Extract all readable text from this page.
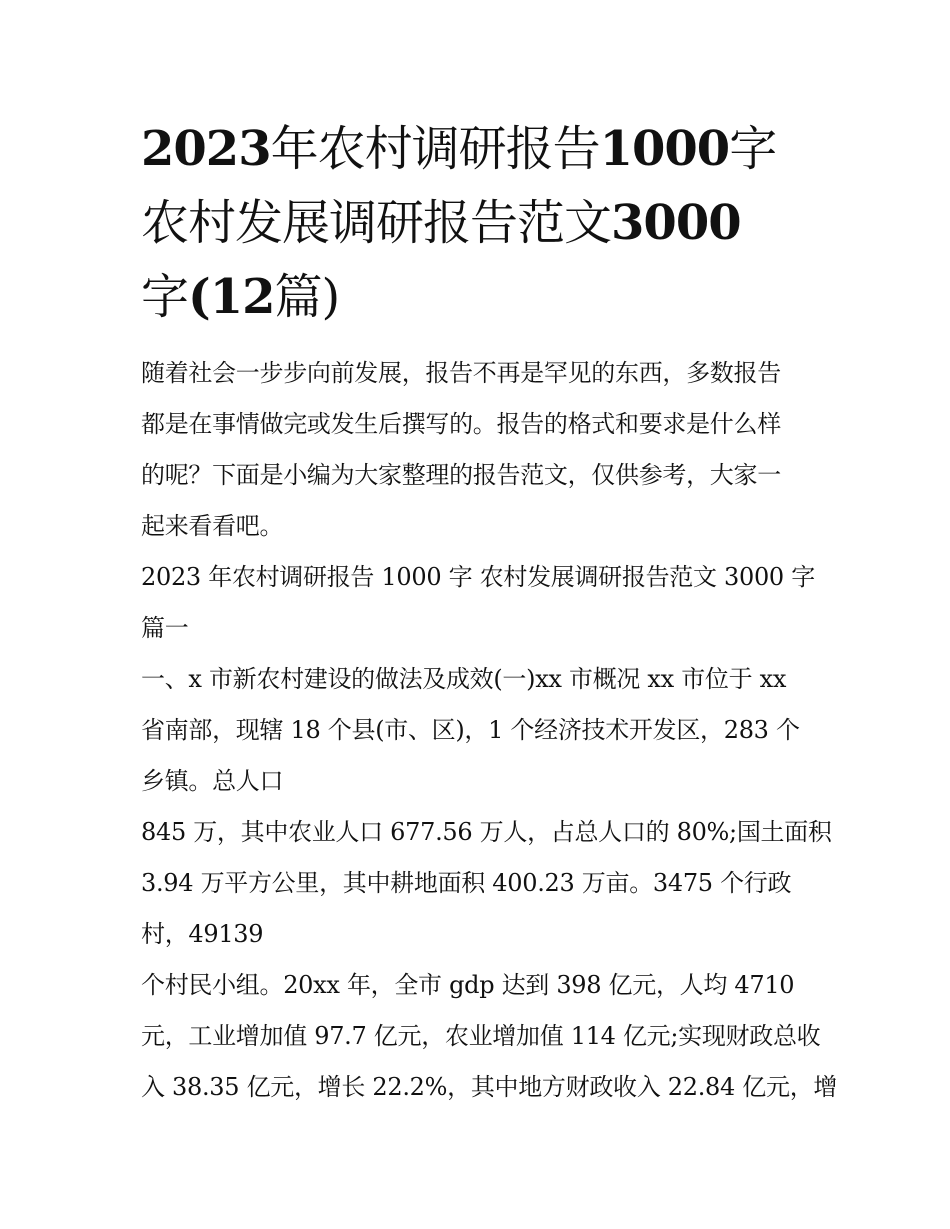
2023年农村调研报告1000字
农村发展调研报告范文3000
字(12篇)
随着社会一步步向前发展，报告不再是罕见的东西，多数报告
都是在事情做完或发生后撰写的。报告的格式和要求是什么样
的呢？下面是小编为大家整理的报告范文，仅供参考，大家一
起来看看吧。
2023 年农村调研报告 1000 字 农村发展调研报告范文 3000 字
篇一
一、x 市新农村建设的做法及成效(一)xx 市概况 xx 市位于 xx
省南部，现辖 18 个县(市、区)，1 个经济技术开发区，283 个
乡镇。总人口
845 万，其中农业人口 677.56 万人，占总人口的 80%;国土面积
3.94 万平方公里，其中耕地面积 400.23 万亩。3475 个行政
村，49139
个村民小组。20xx 年，全市 gdp 达到 398 亿元，人均 4710
元，工业增加值 97.7 亿元，农业增加值 114 亿元;实现财政总收
入 38.35 亿元，增长 22.2%，其中地方财政收入 22.84 亿元，增
